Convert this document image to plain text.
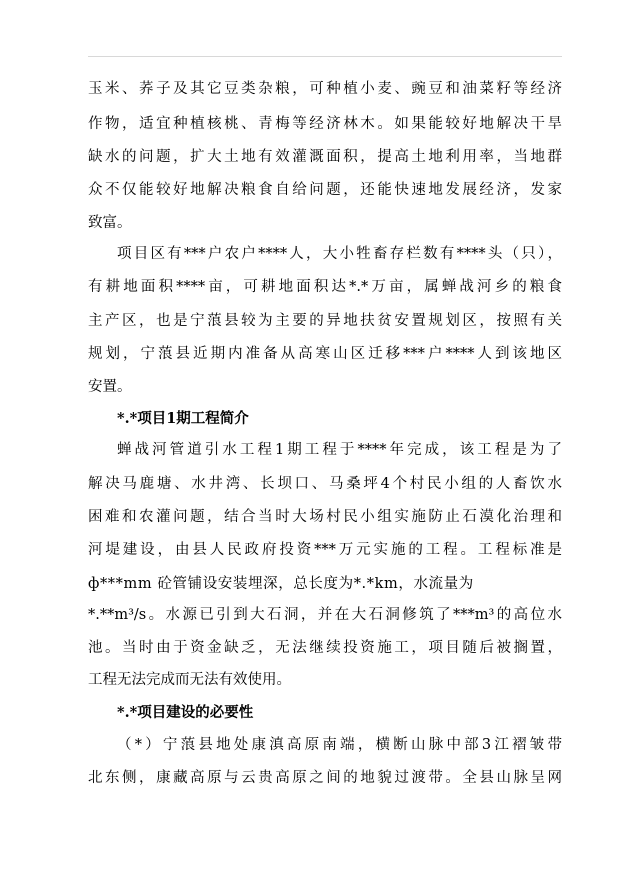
玉米、荞子及其它豆类杂粮，可种植小麦、豌豆和油菜籽等经济
作物，适宜种植核桃、青梅等经济林木。如果能较好地解决干旱
缺水的问题，扩大土地有效灌溉面积，提高土地利用率，当地群
众不仅能较好地解决粮食自给问题，还能快速地发展经济，发家
致富。
项目区有***户农户****人，大小牲畜存栏数有****头（只），
有耕地面积****亩，可耕地面积达*.*万亩，属蝉战河乡的粮食
主产区，也是宁蒗县较为主要的异地扶贫安置规划区，按照有关
规划，宁蒗县近期内准备从高寒山区迁移***户****人到该地区
安置。
*.*项目1期工程简介
蝉战河管道引水工程1期工程于****年完成，该工程是为了
解决马鹿塘、水井湾、长坝口、马桑坪4个村民小组的人畜饮水
困难和农灌问题，结合当时大场村民小组实施防止石漠化治理和
河堤建设，由县人民政府投资***万元实施的工程。工程标准是
ф***mm 砼管铺设安装埋深，总长度为*.*km，水流量为
*.**m³/s。水源已引到大石洞，并在大石洞修筑了***m³的高位水
池。当时由于资金缺乏，无法继续投资施工，项目随后被搁置，
工程无法完成而无法有效使用。
*.*项目建设的必要性
（*）宁蒗县地处康滇高原南端，横断山脉中部3江褶皱带
北东侧，康藏高原与云贵高原之间的地貌过渡带。全县山脉呈网
